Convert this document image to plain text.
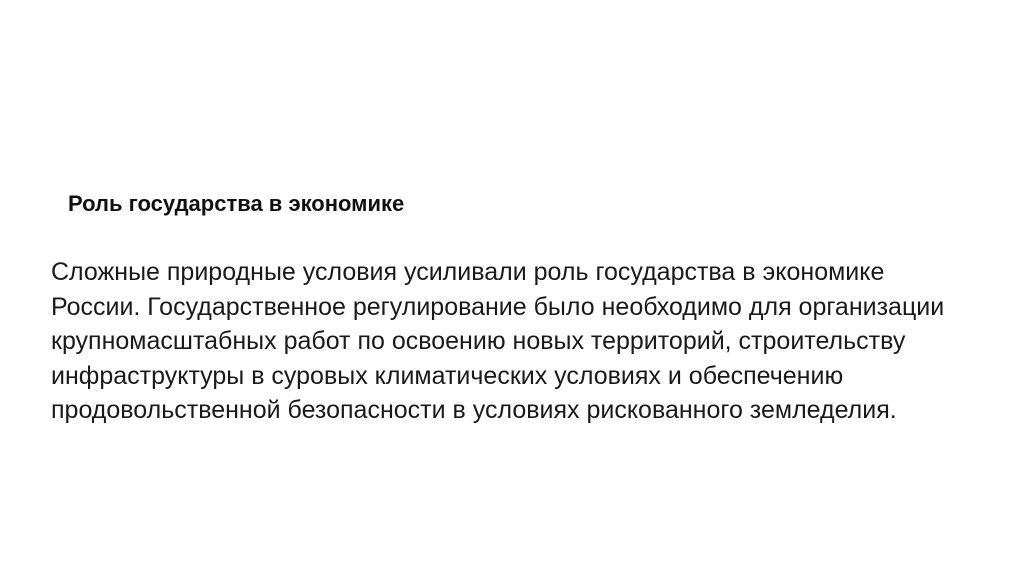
Роль государства в экономике

Сложные природные условия усиливали роль государства в экономике
России. Государственное регулирование было необходимо для организации
крупномасштабных работ по освоению новых территорий, строительству
инфраструктуры в суровых климатических условиях и обеспечению
продовольственной безопасности в условиях рискованного земледелия.
